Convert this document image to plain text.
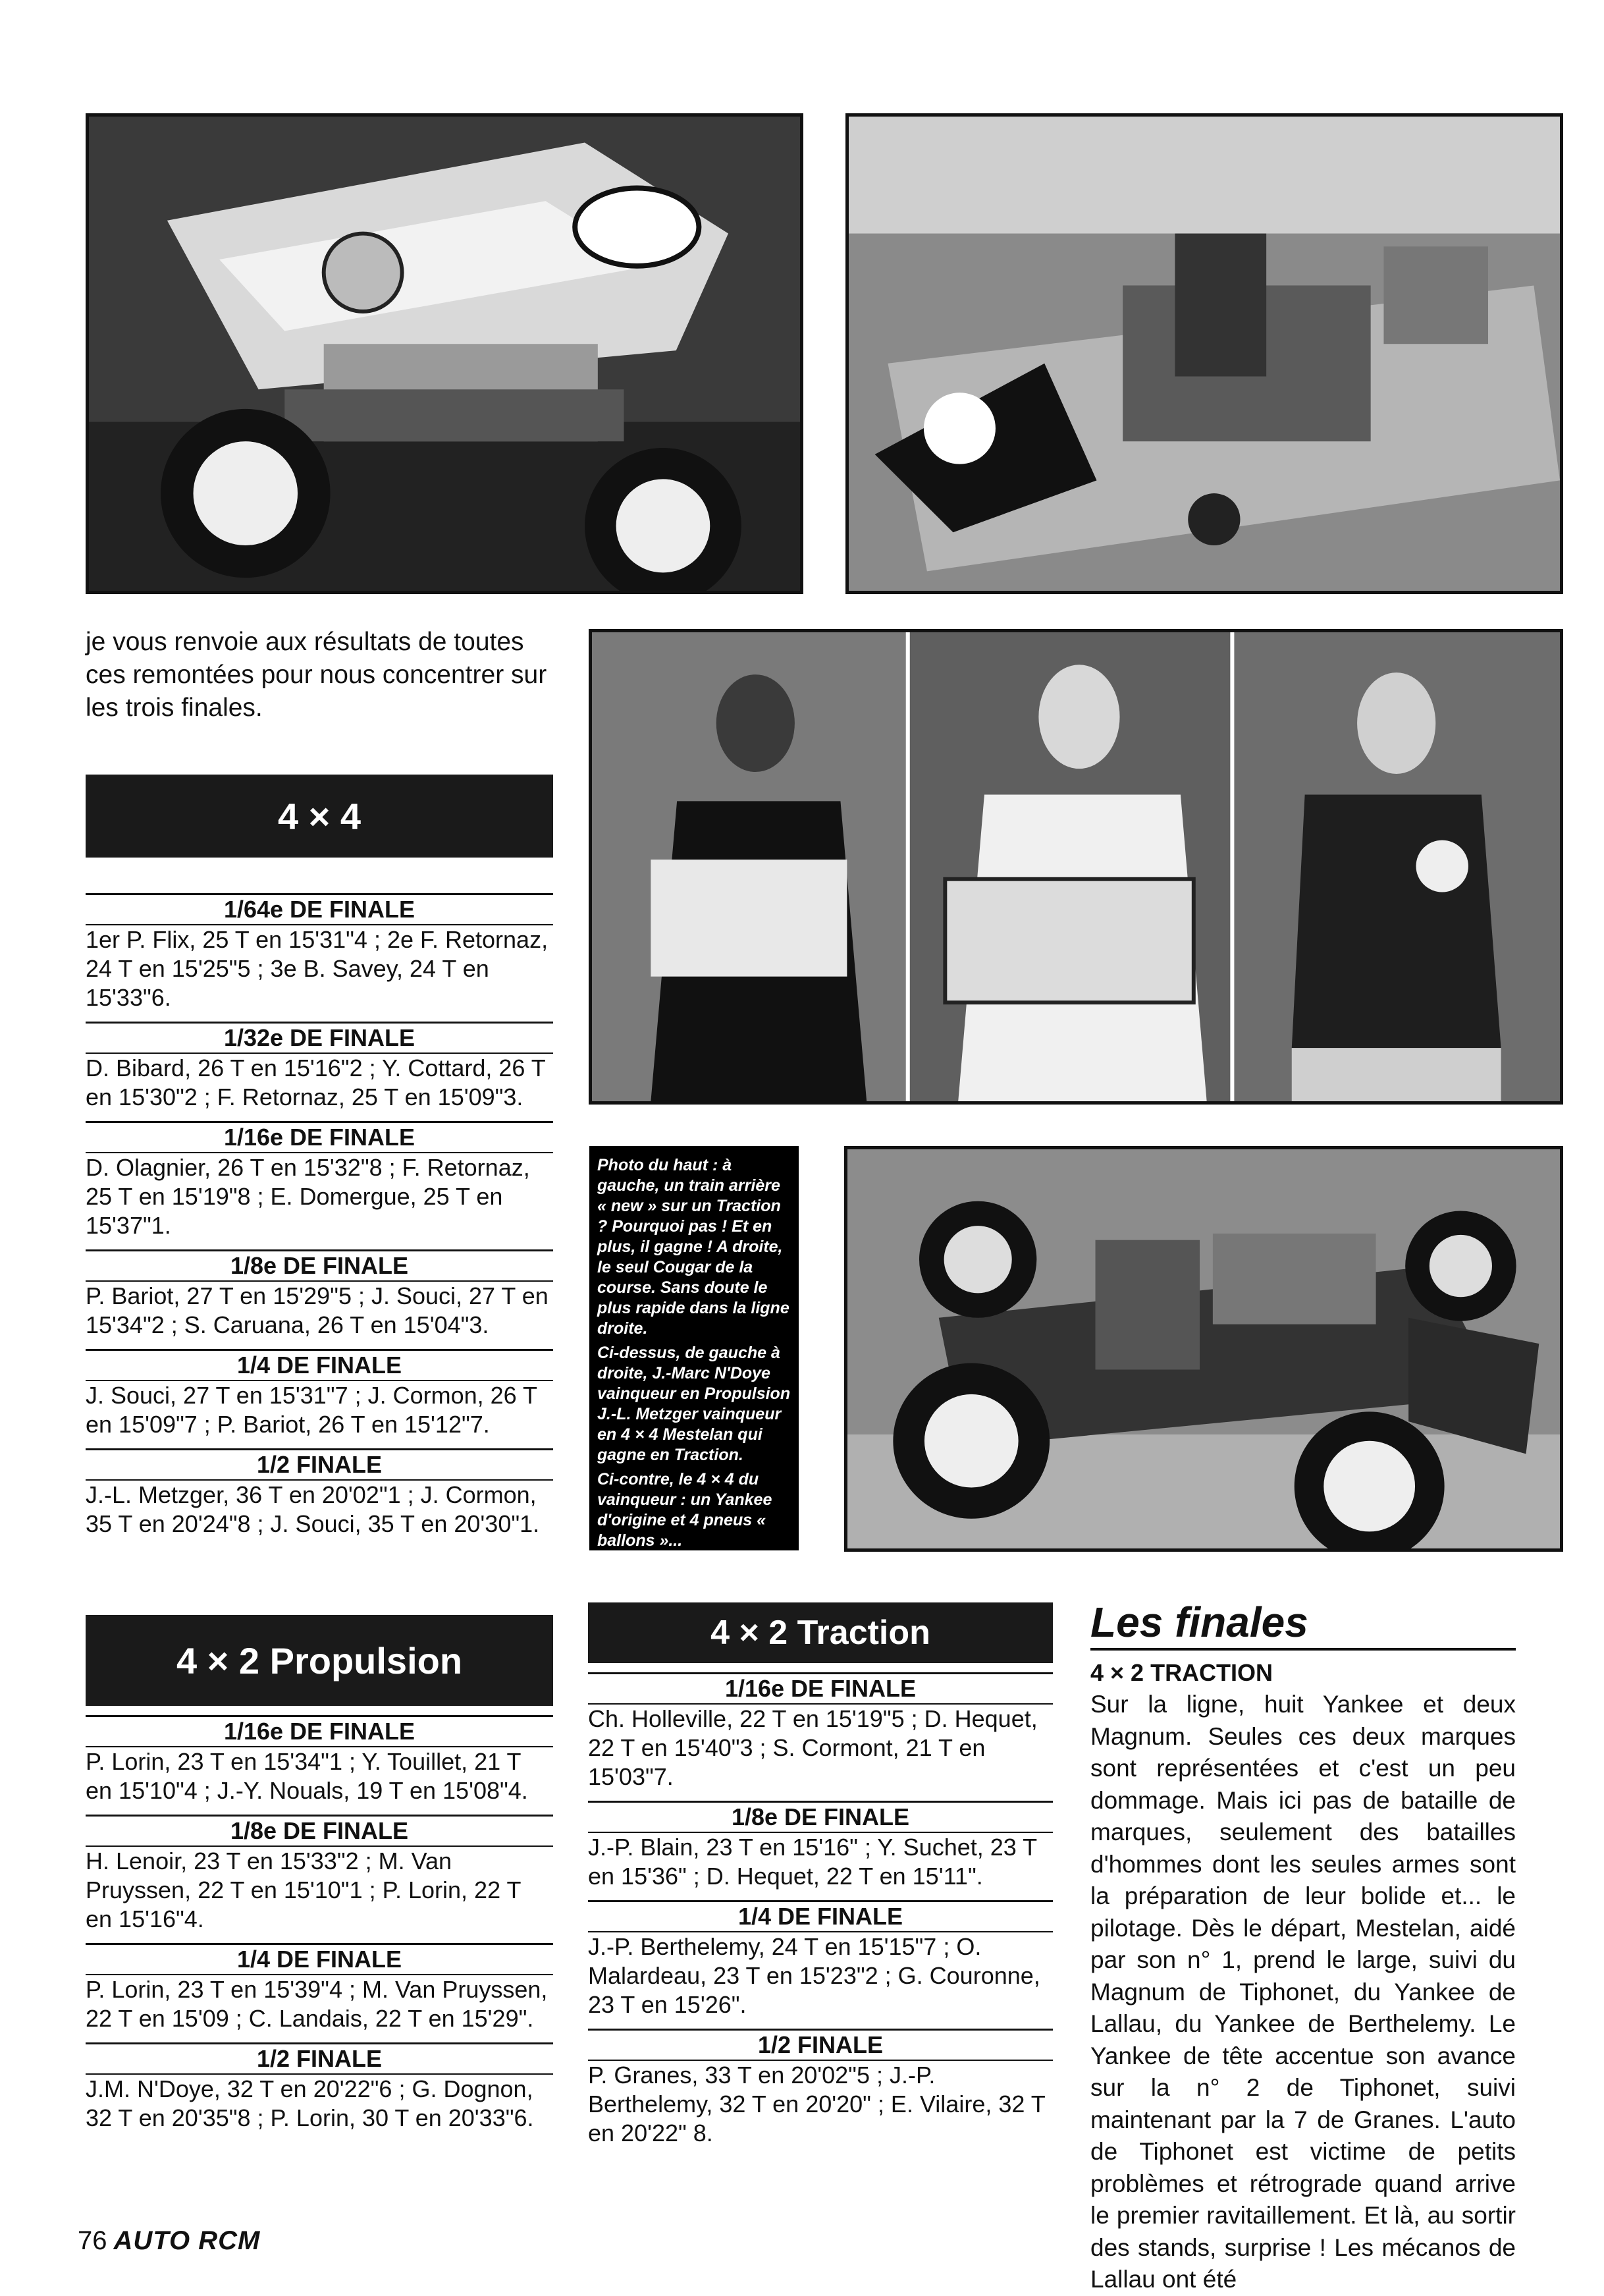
je vous renvoie aux résultats de toutes ces remontées pour nous concentrer sur les trois finales.
4 × 4
1/64e DE FINALE
1er P. Flix, 25 T en 15'31"4 ; 2e F. Retornaz, 24 T en 15'25"5 ; 3e B. Savey, 24 T en 15'33"6.
1/32e DE FINALE
D. Bibard, 26 T en 15'16"2 ; Y. Cottard, 26 T en 15'30"2 ; F. Retornaz, 25 T en 15'09"3.
1/16e DE FINALE
D. Olagnier, 26 T en 15'32"8 ; F. Retornaz, 25 T en 15'19"8 ; E. Domergue, 25 T en 15'37"1.
1/8e DE FINALE
P. Bariot, 27 T en 15'29"5 ; J. Souci, 27 T en 15'34"2 ; S. Caruana, 26 T en 15'04"3.
1/4 DE FINALE
J. Souci, 27 T en 15'31"7 ; J. Cormon, 26 T en 15'09"7 ; P. Bariot, 26 T en 15'12"7.
1/2 FINALE
J.-L. Metzger, 36 T en 20'02"1 ; J. Cormon, 35 T en 20'24"8 ; J. Souci, 35 T en 20'30"1.
4 × 2 Propulsion
1/16e DE FINALE
P. Lorin, 23 T en 15'34"1 ; Y. Touillet, 21 T en 15'10"4 ; J.-Y. Nouals, 19 T en 15'08"4.
1/8e DE FINALE
H. Lenoir, 23 T en 15'33"2 ; M. Van Pruyssen, 22 T en 15'10"1 ; P. Lorin, 22 T en 15'16"4.
1/4 DE FINALE
P. Lorin, 23 T en 15'39"4 ; M. Van Pruyssen, 22 T en 15'09 ; C. Landais, 22 T en 15'29".
1/2 FINALE
J.M. N'Doye, 32 T en 20'22"6 ; G. Dognon, 32 T en 20'35"8 ; P. Lorin, 30 T en 20'33"6.

Photo du haut : à gauche, un train arrière « new » sur un Traction ? Pourquoi pas ! Et en plus, il gagne ! A droite, le seul Cougar de la course. Sans doute le plus rapide dans la ligne droite.

Ci-dessus, de gauche à droite, J.-Marc N'Doye vainqueur en Propulsion J.-L. Metzger vainqueur en 4 × 4 Mestelan qui gagne en Traction.

Ci-contre, le 4 × 4 du vainqueur : un Yankee d'origine et 4 pneus « ballons »...

4 × 2 Traction
1/16e DE FINALE
Ch. Holleville, 22 T en 15'19"5 ; D. Hequet, 22 T en 15'40"3 ; S. Cormont, 21 T en 15'03"7.
1/8e DE FINALE
J.-P. Blain, 23 T en 15'16" ; Y. Suchet, 23 T en 15'36" ; D. Hequet, 22 T en 15'11".
1/4 DE FINALE
J.-P. Berthelemy, 24 T en 15'15"7 ; O. Malardeau, 23 T en 15'23"2 ; G. Couronne, 23 T en 15'26".
1/2 FINALE
P. Granes, 33 T en 20'02"5 ; J.-P. Berthelemy, 32 T en 20'20" ; E. Vilaire, 32 T en 20'22" 8.
Les finales
4 × 2 TRACTION
Sur la ligne, huit Yankee et deux Magnum. Seules ces deux marques sont représentées et c'est un peu dommage. Mais ici pas de bataille de marques, seulement des batailles d'hommes dont les seules armes sont la préparation de leur bolide et... le pilotage. Dès le départ, Mestelan, aidé par son n° 1, prend le large, suivi du Magnum de Tiphonet, du Yankee de Lallau, du Yankee de Berthelemy. Le Yankee de tête accentue son avance sur la n° 2 de Tiphonet, suivi maintenant par la 7 de Granes. L'auto de Tiphonet est victime de petits problèmes et rétrograde quand arrive le premier ravitaillement. Et là, au sortir des stands, surprise ! Les mécanos de Lallau ont été
76 AUTO RCM
